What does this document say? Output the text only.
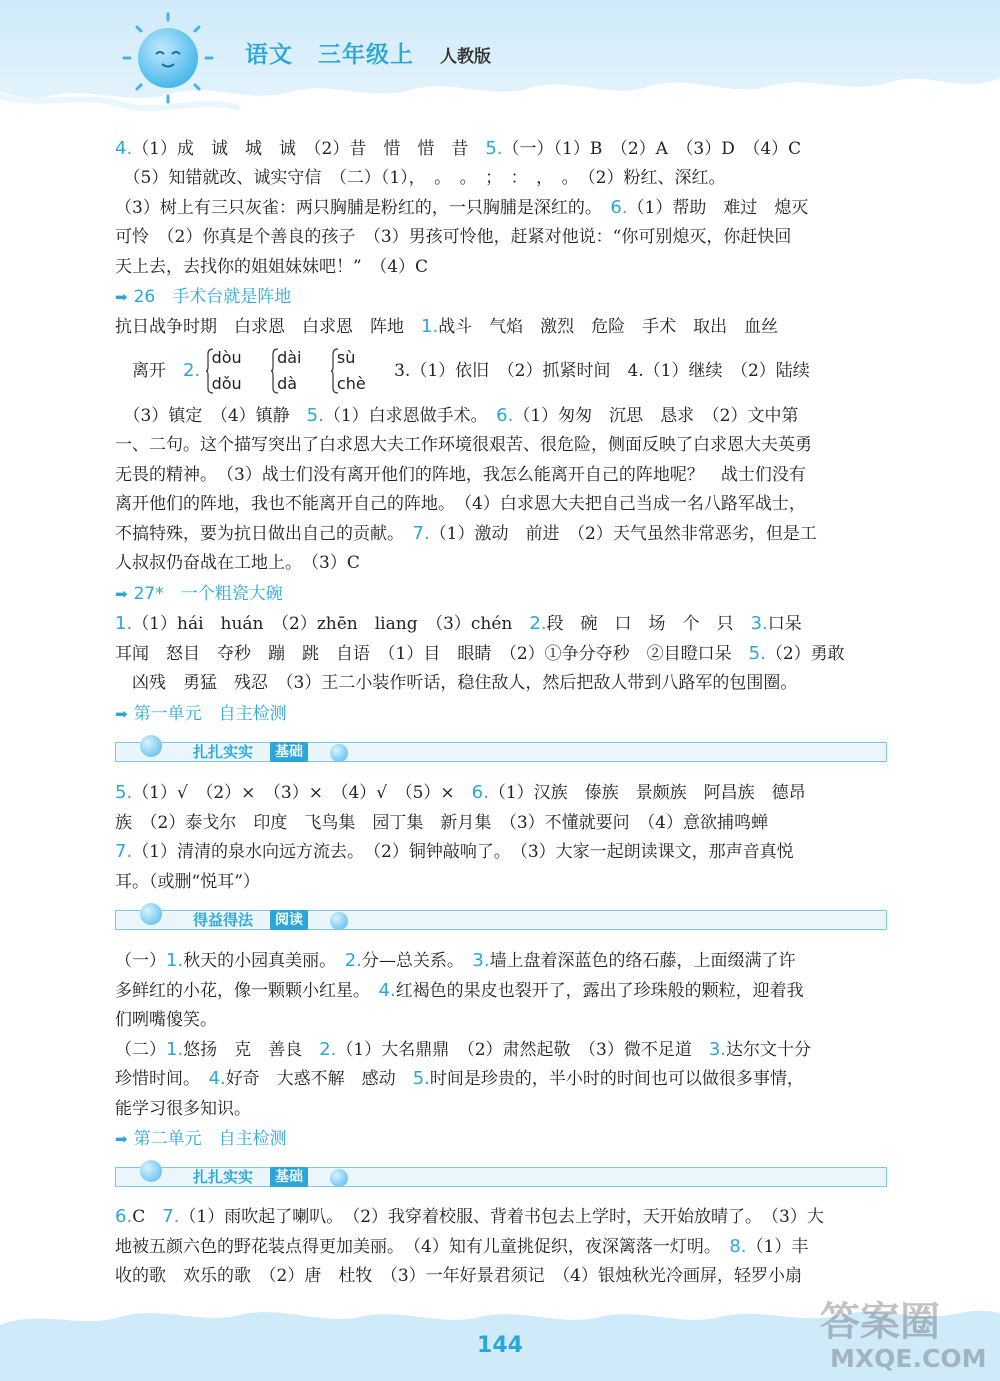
语文 三年级上 人教版
4.（1）成　诚　城　诚　（2）昔　惜　惜　昔　5.（一）（1）B　（2）A　（3）D　（4）C
　（5）知错就改、诚实守信　（二）（1），　。　。　；　：　，　。　（2）粉红、深红。
（3）树上有三只灰雀：两只胸脯是粉红的，一只胸脯是深红的。　6.（1）帮助　难过　熄灭
可怜　（2）你真是个善良的孩子　（3）男孩可怜他，赶紧对他说：“你可别熄灭，你赶快回
天上去，去找你的姐姐妹妹吧！”　（4）C
➡ 26　手术台就是阵地
抗日战争时期　白求恩　白求恩　阵地　1.战斗　气焰　激烈　危险　手术　取出　血丝
　离开　2.
dòu
dǒu

dài
dà

sù
chè
　3.（1）依旧　（2）抓紧时间　4.（1）继续　（2）陆续
　（3）镇定　（4）镇静　5.（1）白求恩做手术。　6.（1）匆匆　沉思　恳求　（2）文中第
一、二句。这个描写突出了白求恩大夫工作环境很艰苦、很危险，侧面反映了白求恩大夫英勇
无畏的精神。　（3）战士们没有离开他们的阵地，我怎么能离开自己的阵地呢？　战士们没有
离开他们的阵地，我也不能离开自己的阵地。　（4）白求恩大夫把自己当成一名八路军战士，
不搞特殊，要为抗日做出自己的贡献。　7.（1）激动　前进　（2）天气虽然非常恶劣，但是工
人叔叔仍奋战在工地上。　（3）C
➡ 27*　一个粗瓷大碗
1.（1）hái　huán　（2）zhēn　liang　（3）chén　2.段　碗　口　场　个　只　3.口呆
耳闻　怒目　夺秒　蹦　跳　自语　（1）目　眼睛　（2）①争分夺秒　②目瞪口呆　5.（2）勇敢
　凶残　勇猛　残忍　（3）王二小装作听话，稳住敌人，然后把敌人带到八路军的包围圈。
➡ 第一单元　自主检测
扎扎实实	基础
5.（1）√　（2）×　（3）×　（4）√　（5）×　6.（1）汉族　傣族　景颇族　阿昌族　德昂
族　（2）泰戈尔　印度　飞鸟集　园丁集　新月集　（3）不懂就要问　（4）意欲捕鸣蝉
7.（1）清清的泉水向远方流去。　（2）铜钟敲响了。　（3）大家一起朗读课文，那声音真悦
耳。（或删“悦耳”）
得益得法	阅读
（一）1.秋天的小园真美丽。　2.分—总关系。　3.墙上盘着深蓝色的络石藤，上面缀满了许
多鲜红的小花，像一颗颗小红星。　4.红褐色的果皮也裂开了，露出了珍珠般的颗粒，迎着我
们咧嘴傻笑。
（二）1.悠扬　克　善良　2.（1）大名鼎鼎　（2）肃然起敬　（3）微不足道　3.达尔文十分
珍惜时间。　4.好奇　大惑不解　感动　5.时间是珍贵的，半小时的时间也可以做很多事情，
能学习很多知识。
➡ 第二单元　自主检测
扎扎实实	基础
6.C　7.（1）雨吹起了喇叭。　（2）我穿着校服、背着书包去上学时，天开始放晴了。　（3）大
地被五颜六色的野花装点得更加美丽。　（4）知有儿童挑促织，夜深篱落一灯明。　8.（1）丰
收的歌　欢乐的歌　（2）唐　杜牧　（3）一年好景君须记　（4）银烛秋光冷画屏，轻罗小扇
144
答案圈
MXQE.COM
